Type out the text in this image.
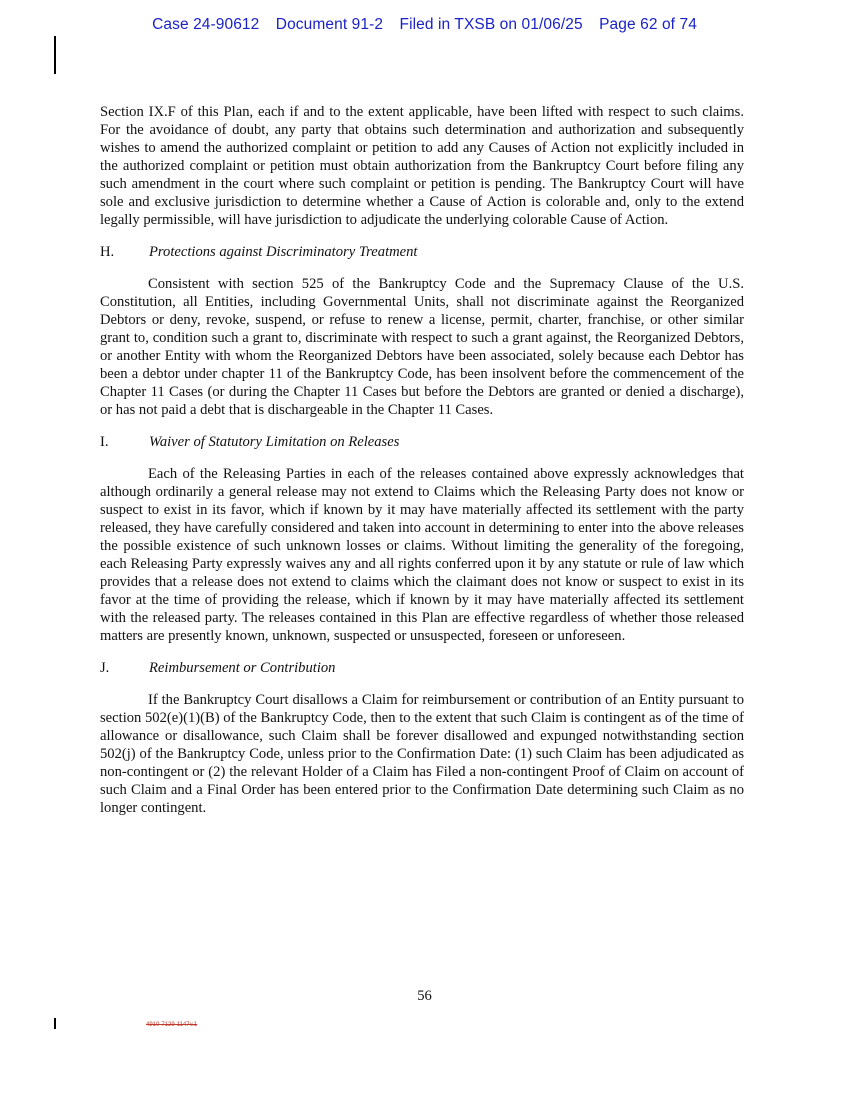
Case 24-90612 Document 91-2 Filed in TXSB on 01/06/25 Page 62 of 74

Section IX.F of this Plan, each if and to the extent applicable, have been lifted with respect to such claims. For the avoidance of doubt, any party that obtains such determination and authorization and subsequently wishes to amend the authorized complaint or petition to add any Causes of Action not explicitly included in the authorized complaint or petition must obtain authorization from the Bankruptcy Court before filing any such amendment in the court where such complaint or petition is pending. The Bankruptcy Court will have sole and exclusive jurisdiction to determine whether a Cause of Action is colorable and, only to the extend legally permissible, will have jurisdiction to adjudicate the underlying colorable Cause of Action.

H.	Protections against Discriminatory Treatment

Consistent with section 525 of the Bankruptcy Code and the Supremacy Clause of the U.S. Constitution, all Entities, including Governmental Units, shall not discriminate against the Reorganized Debtors or deny, revoke, suspend, or refuse to renew a license, permit, charter, franchise, or other similar grant to, condition such a grant to, discriminate with respect to such a grant against, the Reorganized Debtors, or another Entity with whom the Reorganized Debtors have been associated, solely because each Debtor has been a debtor under chapter 11 of the Bankruptcy Code, has been insolvent before the commencement of the Chapter 11 Cases (or during the Chapter 11 Cases but before the Debtors are granted or denied a discharge), or has not paid a debt that is dischargeable in the Chapter 11 Cases.

I.	Waiver of Statutory Limitation on Releases

Each of the Releasing Parties in each of the releases contained above expressly acknowledges that although ordinarily a general release may not extend to Claims which the Releasing Party does not know or suspect to exist in its favor, which if known by it may have materially affected its settlement with the party released, they have carefully considered and taken into account in determining to enter into the above releases the possible existence of such unknown losses or claims. Without limiting the generality of the foregoing, each Releasing Party expressly waives any and all rights conferred upon it by any statute or rule of law which provides that a release does not extend to claims which the claimant does not know or suspect to exist in its favor at the time of providing the release, which if known by it may have materially affected its settlement with the released party. The releases contained in this Plan are effective regardless of whether those released matters are presently known, unknown, suspected or unsuspected, foreseen or unforeseen.

J.	Reimbursement or Contribution

If the Bankruptcy Court disallows a Claim for reimbursement or contribution of an Entity pursuant to section 502(e)(1)(B) of the Bankruptcy Code, then to the extent that such Claim is contingent as of the time of allowance or disallowance, such Claim shall be forever disallowed and expunged notwithstanding section 502(j) of the Bankruptcy Code, unless prior to the Confirmation Date: (1) such Claim has been adjudicated as non-contingent or (2) the relevant Holder of a Claim has Filed a non-contingent Proof of Claim on account of such Claim and a Final Order has been entered prior to the Confirmation Date determining such Claim as no longer contingent.

56
4910-7129-1147v.1
